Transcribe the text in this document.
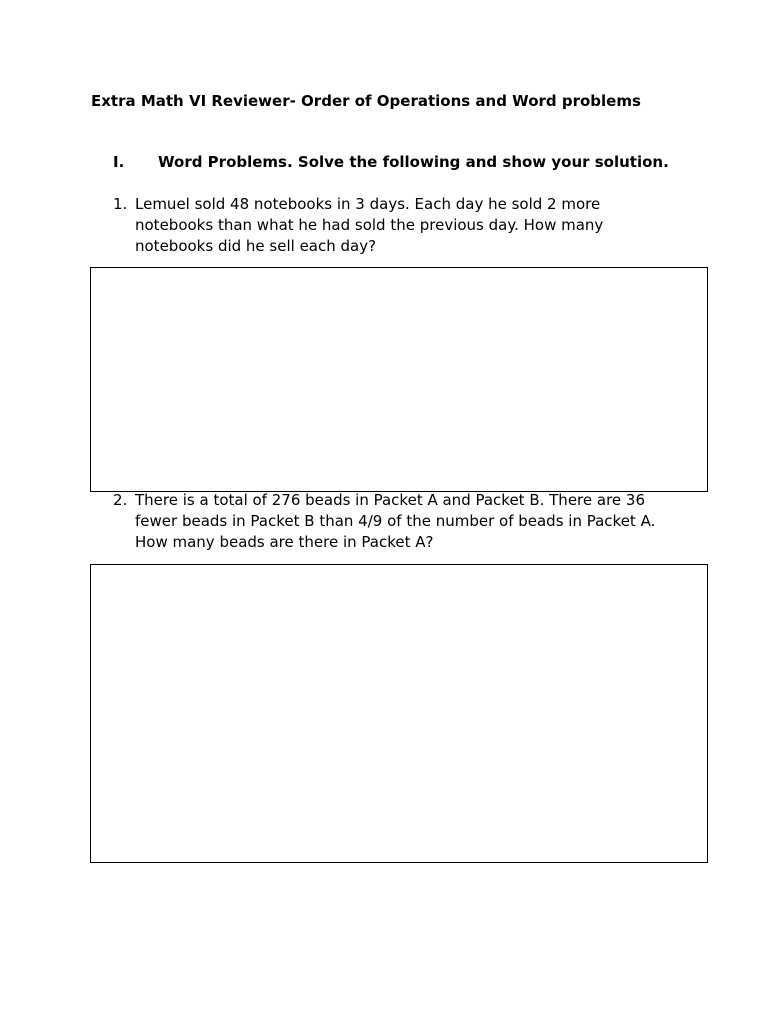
Extra Math VI Reviewer- Order of Operations and Word problems
I. Word Problems. Solve the following and show your solution.
1. Lemuel sold 48 notebooks in 3 days. Each day he sold 2 more notebooks than what he had sold the previous day. How many notebooks did he sell each day?
2. There is a total of 276 beads in Packet A and Packet B. There are 36 fewer beads in Packet B than 4/9 of the number of beads in Packet A. How many beads are there in Packet A?
